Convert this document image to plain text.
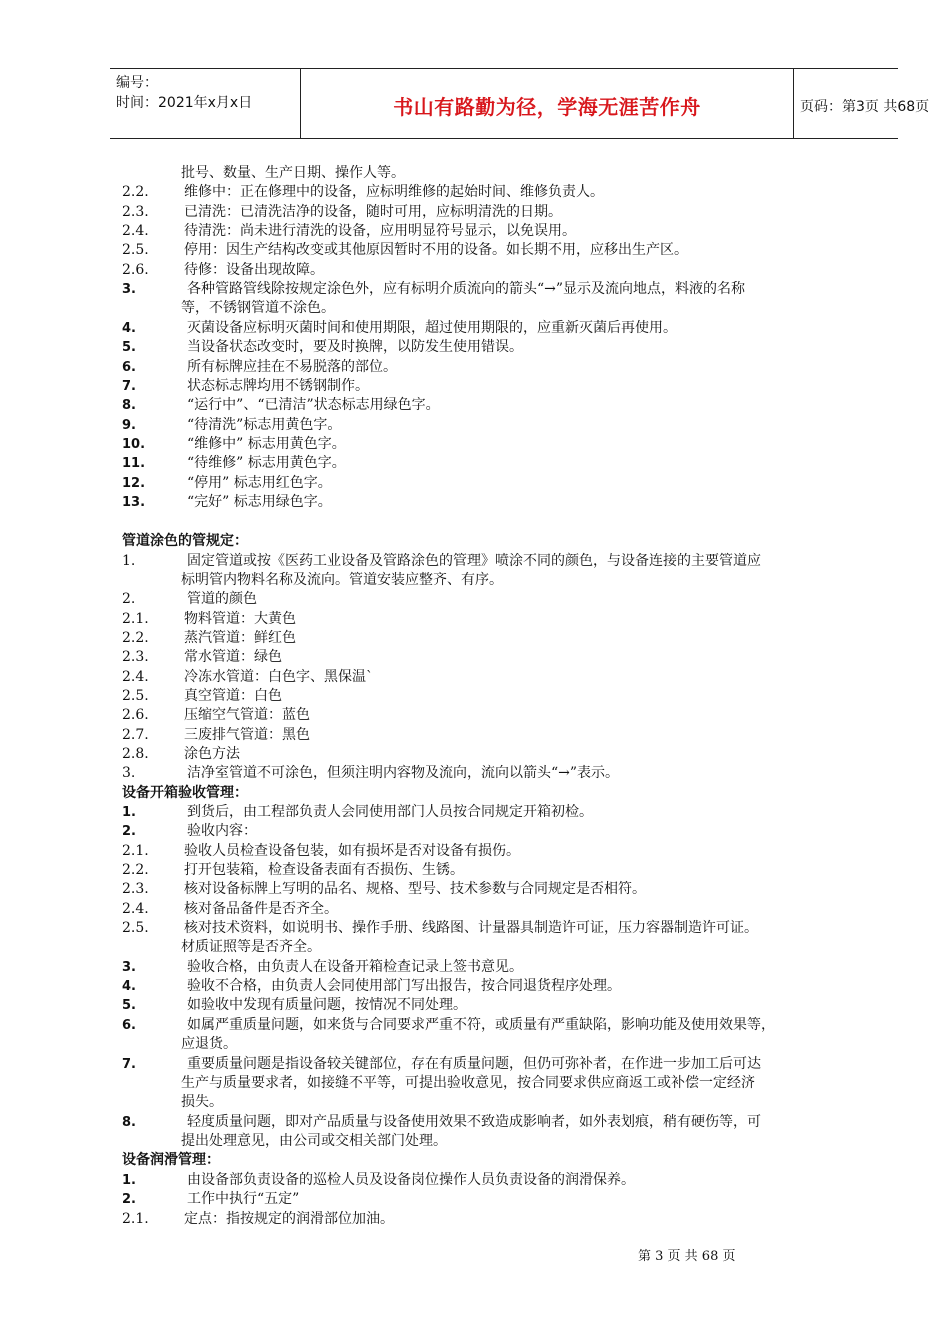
编号：
时间：2021年x月x日	书山有路勤为径，学海无涯苦作舟	页码：第3页 共68页
批号、数量、生产日期、操作人等。
2.2.	维修中：正在修理中的设备，应标明维修的起始时间、维修负责人。
2.3.	已清洗：已清洗洁净的设备，随时可用，应标明清洗的日期。
2.4.	待清洗：尚未进行清洗的设备，应用明显符号显示，以免误用。
2.5.	停用：因生产结构改变或其他原因暂时不用的设备。如长期不用，应移出生产区。
2.6.	待修：设备出现故障。
3.	各种管路管线除按规定涂色外，应有标明介质流向的箭头“→”显示及流向地点，料液的名称
等，不锈钢管道不涂色。
4.	灭菌设备应标明灭菌时间和使用期限，超过使用期限的，应重新灭菌后再使用。
5.	当设备状态改变时，要及时换牌，以防发生使用错误。
6.	所有标牌应挂在不易脱落的部位。
7.	状态标志牌均用不锈钢制作。
8.	“运行中”、“已清洁”状态标志用绿色字。
9.	“待清洗”标志用黄色字。
10.	“维修中” 标志用黄色字。
11.	“待维修” 标志用黄色字。
12.	“停用” 标志用红色字。
13.	“完好” 标志用绿色字。
管道涂色的管规定：
1.	固定管道或按《医药工业设备及管路涂色的管理》喷涂不同的颜色，与设备连接的主要管道应
标明管内物料名称及流向。管道安装应整齐、有序。
2.	管道的颜色
2.1.	物料管道：大黄色
2.2.	蒸汽管道：鲜红色
2.3.	常水管道：绿色
2.4.	冷冻水管道：白色字、黑保温`
2.5.	真空管道：白色
2.6.	压缩空气管道：蓝色
2.7.	三废排气管道：黑色
2.8.	涂色方法
3.	洁净室管道不可涂色，但须注明内容物及流向，流向以箭头“→”表示。
设备开箱验收管理：
1.	到货后，由工程部负责人会同使用部门人员按合同规定开箱初检。
2.	验收内容：
2.1.	验收人员检查设备包装，如有损坏是否对设备有损伤。
2.2.	打开包装箱，检查设备表面有否损伤、生锈。
2.3.	核对设备标牌上写明的品名、规格、型号、技术参数与合同规定是否相符。
2.4.	核对备品备件是否齐全。
2.5.	核对技术资料，如说明书、操作手册、线路图、计量器具制造许可证，压力容器制造许可证。
材质证照等是否齐全。
3.	验收合格，由负责人在设备开箱检查记录上签书意见。
4.	验收不合格，由负责人会同使用部门写出报告，按合同退货程序处理。
5.	如验收中发现有质量问题，按情况不同处理。
6.	如属严重质量问题，如来货与合同要求严重不符，或质量有严重缺陷，影响功能及使用效果等，
应退货。
7.	重要质量问题是指设备较关键部位，存在有质量问题，但仍可弥补者，在作进一步加工后可达
生产与质量要求者，如接缝不平等，可提出验收意见，按合同要求供应商返工或补偿一定经济
损失。
8.	轻度质量问题，即对产品质量与设备使用效果不致造成影响者，如外表划痕，稍有硬伤等，可
提出处理意见，由公司或交相关部门处理。
设备润滑管理：
1.	由设备部负责设备的巡检人员及设备岗位操作人员负责设备的润滑保养。
2.	工作中执行“五定”
2.1.	定点：指按规定的润滑部位加油。
第 3 页 共 68 页
